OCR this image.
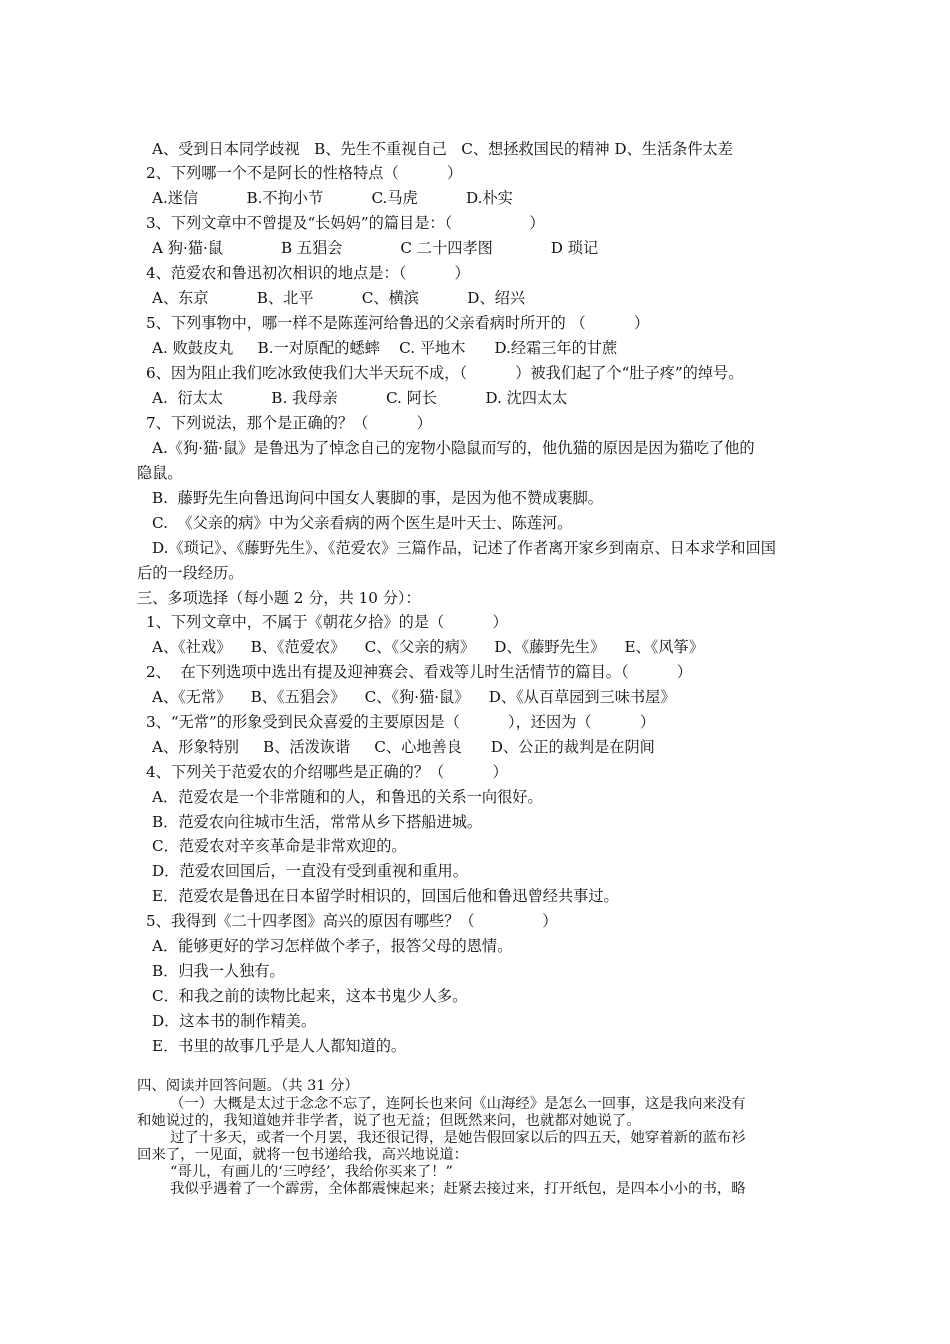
A、受到日本同学歧视   B、先生不重视自己   C、想拯救国民的精神 D、生活条件太差
2、下列哪一个不是阿长的性格特点（          ）
A.迷信          B.不拘小节          C.马虎          D.朴实
3、下列文章中不曾提及“长妈妈”的篇目是：（                ）
A 狗·猫·鼠            B 五猖会            C 二十四孝图            D 琐记
4、范爱农和鲁迅初次相识的地点是：（          ）
A、东京          B、北平          C、横滨          D、绍兴
5、下列事物中，哪一样不是陈莲河给鲁迅的父亲看病时所开的 （          ）
A. 败鼓皮丸     B.一对原配的蟋蟀    C. 平地木      D.经霜三年的甘蔗
6、因为阻止我们吃冰致使我们大半天玩不成，（          ）被我们起了个“肚子疼”的绰号。
A.  衍太太          B. 我母亲          C. 阿长          D. 沈四太太
7、下列说法，那个是正确的？（          ）
A.《狗·猫·鼠》是鲁迅为了悼念自己的宠物小隐鼠而写的，他仇猫的原因是因为猫吃了他的
隐鼠。
B.  藤野先生向鲁迅询问中国女人裹脚的事，是因为他不赞成裹脚。
C.  《父亲的病》中为父亲看病的两个医生是叶天士、陈莲河。
D.《琐记》、《藤野先生》、《范爱农》三篇作品，记述了作者离开家乡到南京、日本求学和回国
后的一段经历。
三、多项选择（每小题 2 分，共 10 分）：
1、下列文章中，不属于《朝花夕拾》的是（          ）
A、《社戏》    B、《范爱农》    C、《父亲的病》    D、《藤野先生》    E、《风筝》
2、  在下列选项中选出有提及迎神赛会、看戏等儿时生活情节的篇目。（          ）
A、《无常》    B、《五猖会》    C、《狗·猫·鼠》    D、《从百草园到三味书屋》
3、“无常”的形象受到民众喜爱的主要原因是（          ），还因为（          ）
A、形象特别     B、活泼诙谐     C、心地善良      D、公正的裁判是在阴间
4、下列关于范爱农的介绍哪些是正确的？（          ）
A．范爱农是一个非常随和的人，和鲁迅的关系一向很好。
B．范爱农向往城市生活，常常从乡下搭船进城。
C．范爱农对辛亥革命是非常欢迎的。
D．范爱农回国后，一直没有受到重视和重用。
E．范爱农是鲁迅在日本留学时相识的，回国后他和鲁迅曾经共事过。
5、我得到《二十四孝图》高兴的原因有哪些？（              ）
A．能够更好的学习怎样做个孝子，报答父母的恩情。
B．归我一人独有。
C．和我之前的读物比起来，这本书鬼少人多。
D．这本书的制作精美。
E．书里的故事几乎是人人都知道的。
四、阅读并回答问题。（共 31 分）
（一）大概是太过于念念不忘了，连阿长也来问《山海经》是怎么一回事，这是我向来没有
和她说过的，我知道她并非学者，说了也无益；但既然来问，也就都对她说了。
过了十多天，或者一个月罢，我还很记得，是她告假回家以后的四五天，她穿着新的蓝布衫
回来了，一见面，就将一包书递给我，高兴地说道：
“哥儿，有画儿的‘三哼经’，我给你买来了！”
我似乎遇着了一个霹雳，全体都震悚起来；赶紧去接过来，打开纸包，是四本小小的书，略
